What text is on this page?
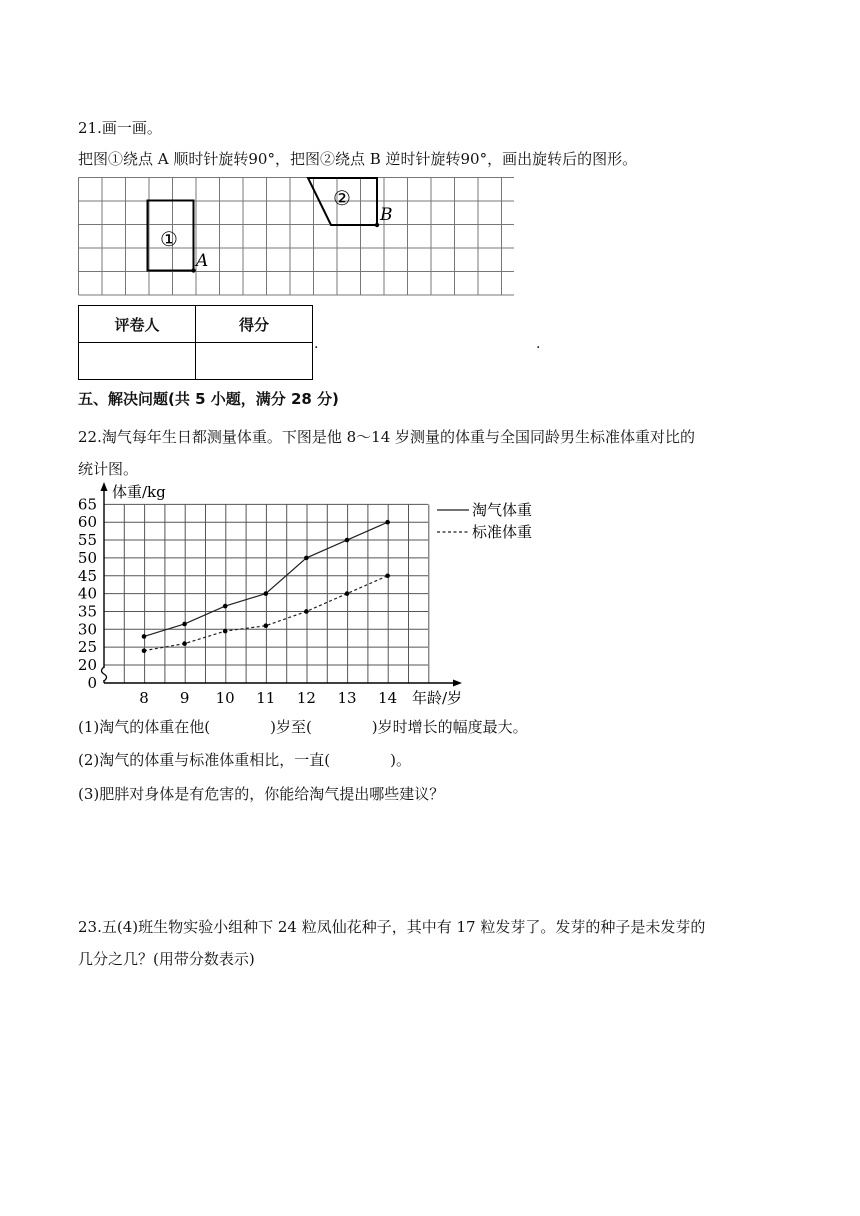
21.画一画。
把图①绕点 A 顺时针旋转90°，把图②绕点 B 逆时针旋转90°，画出旋转后的图形。
①
A
②
B
评卷人	得分

.	.
五、解决问题(共 5 小题，满分 28 分)
22.淘气每年生日都测量体重。下图是他 8～14 岁测量的体重与全国同龄男生标准体重对比的
统计图。
0
20
25
30
35
40
45
50
55
60
65
8 9 10 11 12 13 14
体重/kg
年龄/岁
淘气体重
标准体重
(1)淘气的体重在他(　　　　)岁至(　　　　)岁时增长的幅度最大。
(2)淘气的体重与标准体重相比，一直(　　　　)。
(3)肥胖对身体是有危害的，你能给淘气提出哪些建议？
23.五(4)班生物实验小组种下 24 粒凤仙花种子，其中有 17 粒发芽了。发芽的种子是未发芽的
几分之几？(用带分数表示)
